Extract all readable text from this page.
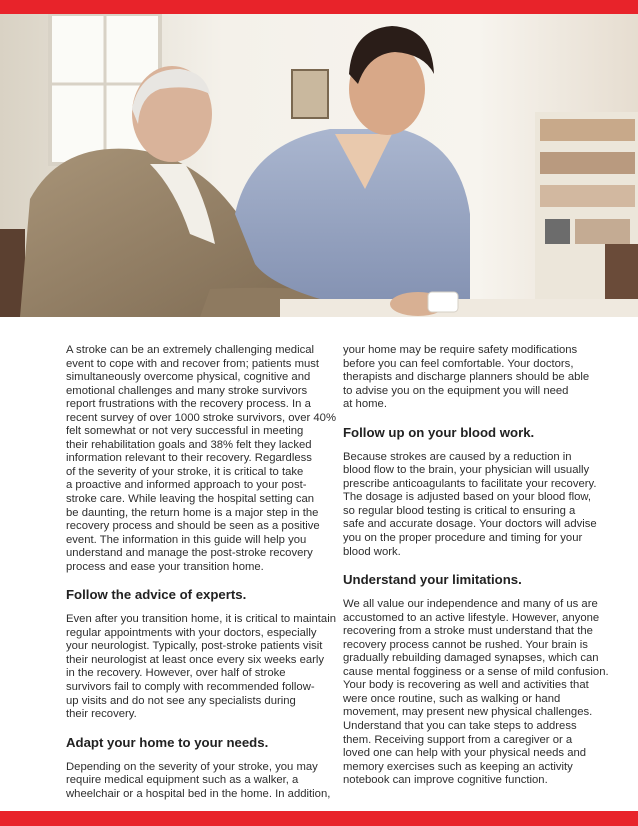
A stroke can be an extremely challenging medical
event to cope with and recover from; patients must
simultaneously overcome physical, cognitive and
emotional challenges and many stroke survivors
report frustrations with the recovery process. In a
recent survey of over 1000 stroke survivors, over 40%
felt somewhat or not very successful in meeting
their rehabilitation goals and 38% felt they lacked
information relevant to their recovery. Regardless
of the severity of your stroke, it is critical to take
a proactive and informed approach to your post-
stroke care. While leaving the hospital setting can
be daunting, the return home is a major step in the
recovery process and should be seen as a positive
event. The information in this guide will help you
understand and manage the post-stroke recovery
process and ease your transition home.

Follow the advice of experts.

Even after you transition home, it is critical to maintain
regular appointments with your doctors, especially
your neurologist. Typically, post-stroke patients visit
their neurologist at least once every six weeks early
in the recovery. However, over half of stroke
survivors fail to comply with recommended follow-
up visits and do not see any specialists during
their recovery.

Adapt your home to your needs.

Depending on the severity of your stroke, you may
require medical equipment such as a walker, a
wheelchair or a hospital bed in the home. In addition,

your home may be require safety modifications
before you can feel comfortable. Your doctors,
therapists and discharge planners should be able
to advise you on the equipment you will need
at home.

Follow up on your blood work.

Because strokes are caused by a reduction in
blood flow to the brain, your physician will usually
prescribe anticoagulants to facilitate your recovery.
The dosage is adjusted based on your blood flow,
so regular blood testing is critical to ensuring a
safe and accurate dosage. Your doctors will advise
you on the proper procedure and timing for your
blood work.

Understand your limitations.

We all value our independence and many of us are
accustomed to an active lifestyle. However, anyone
recovering from a stroke must understand that the
recovery process cannot be rushed. Your brain is
gradually rebuilding damaged synapses, which can
cause mental fogginess or a sense of mild confusion.
Your body is recovering as well and activities that
were once routine, such as walking or hand
movement, may present new physical challenges.
Understand that you can take steps to address
them. Receiving support from a caregiver or a
loved one can help with your physical needs and
memory exercises such as keeping an activity
notebook can improve cognitive function.
